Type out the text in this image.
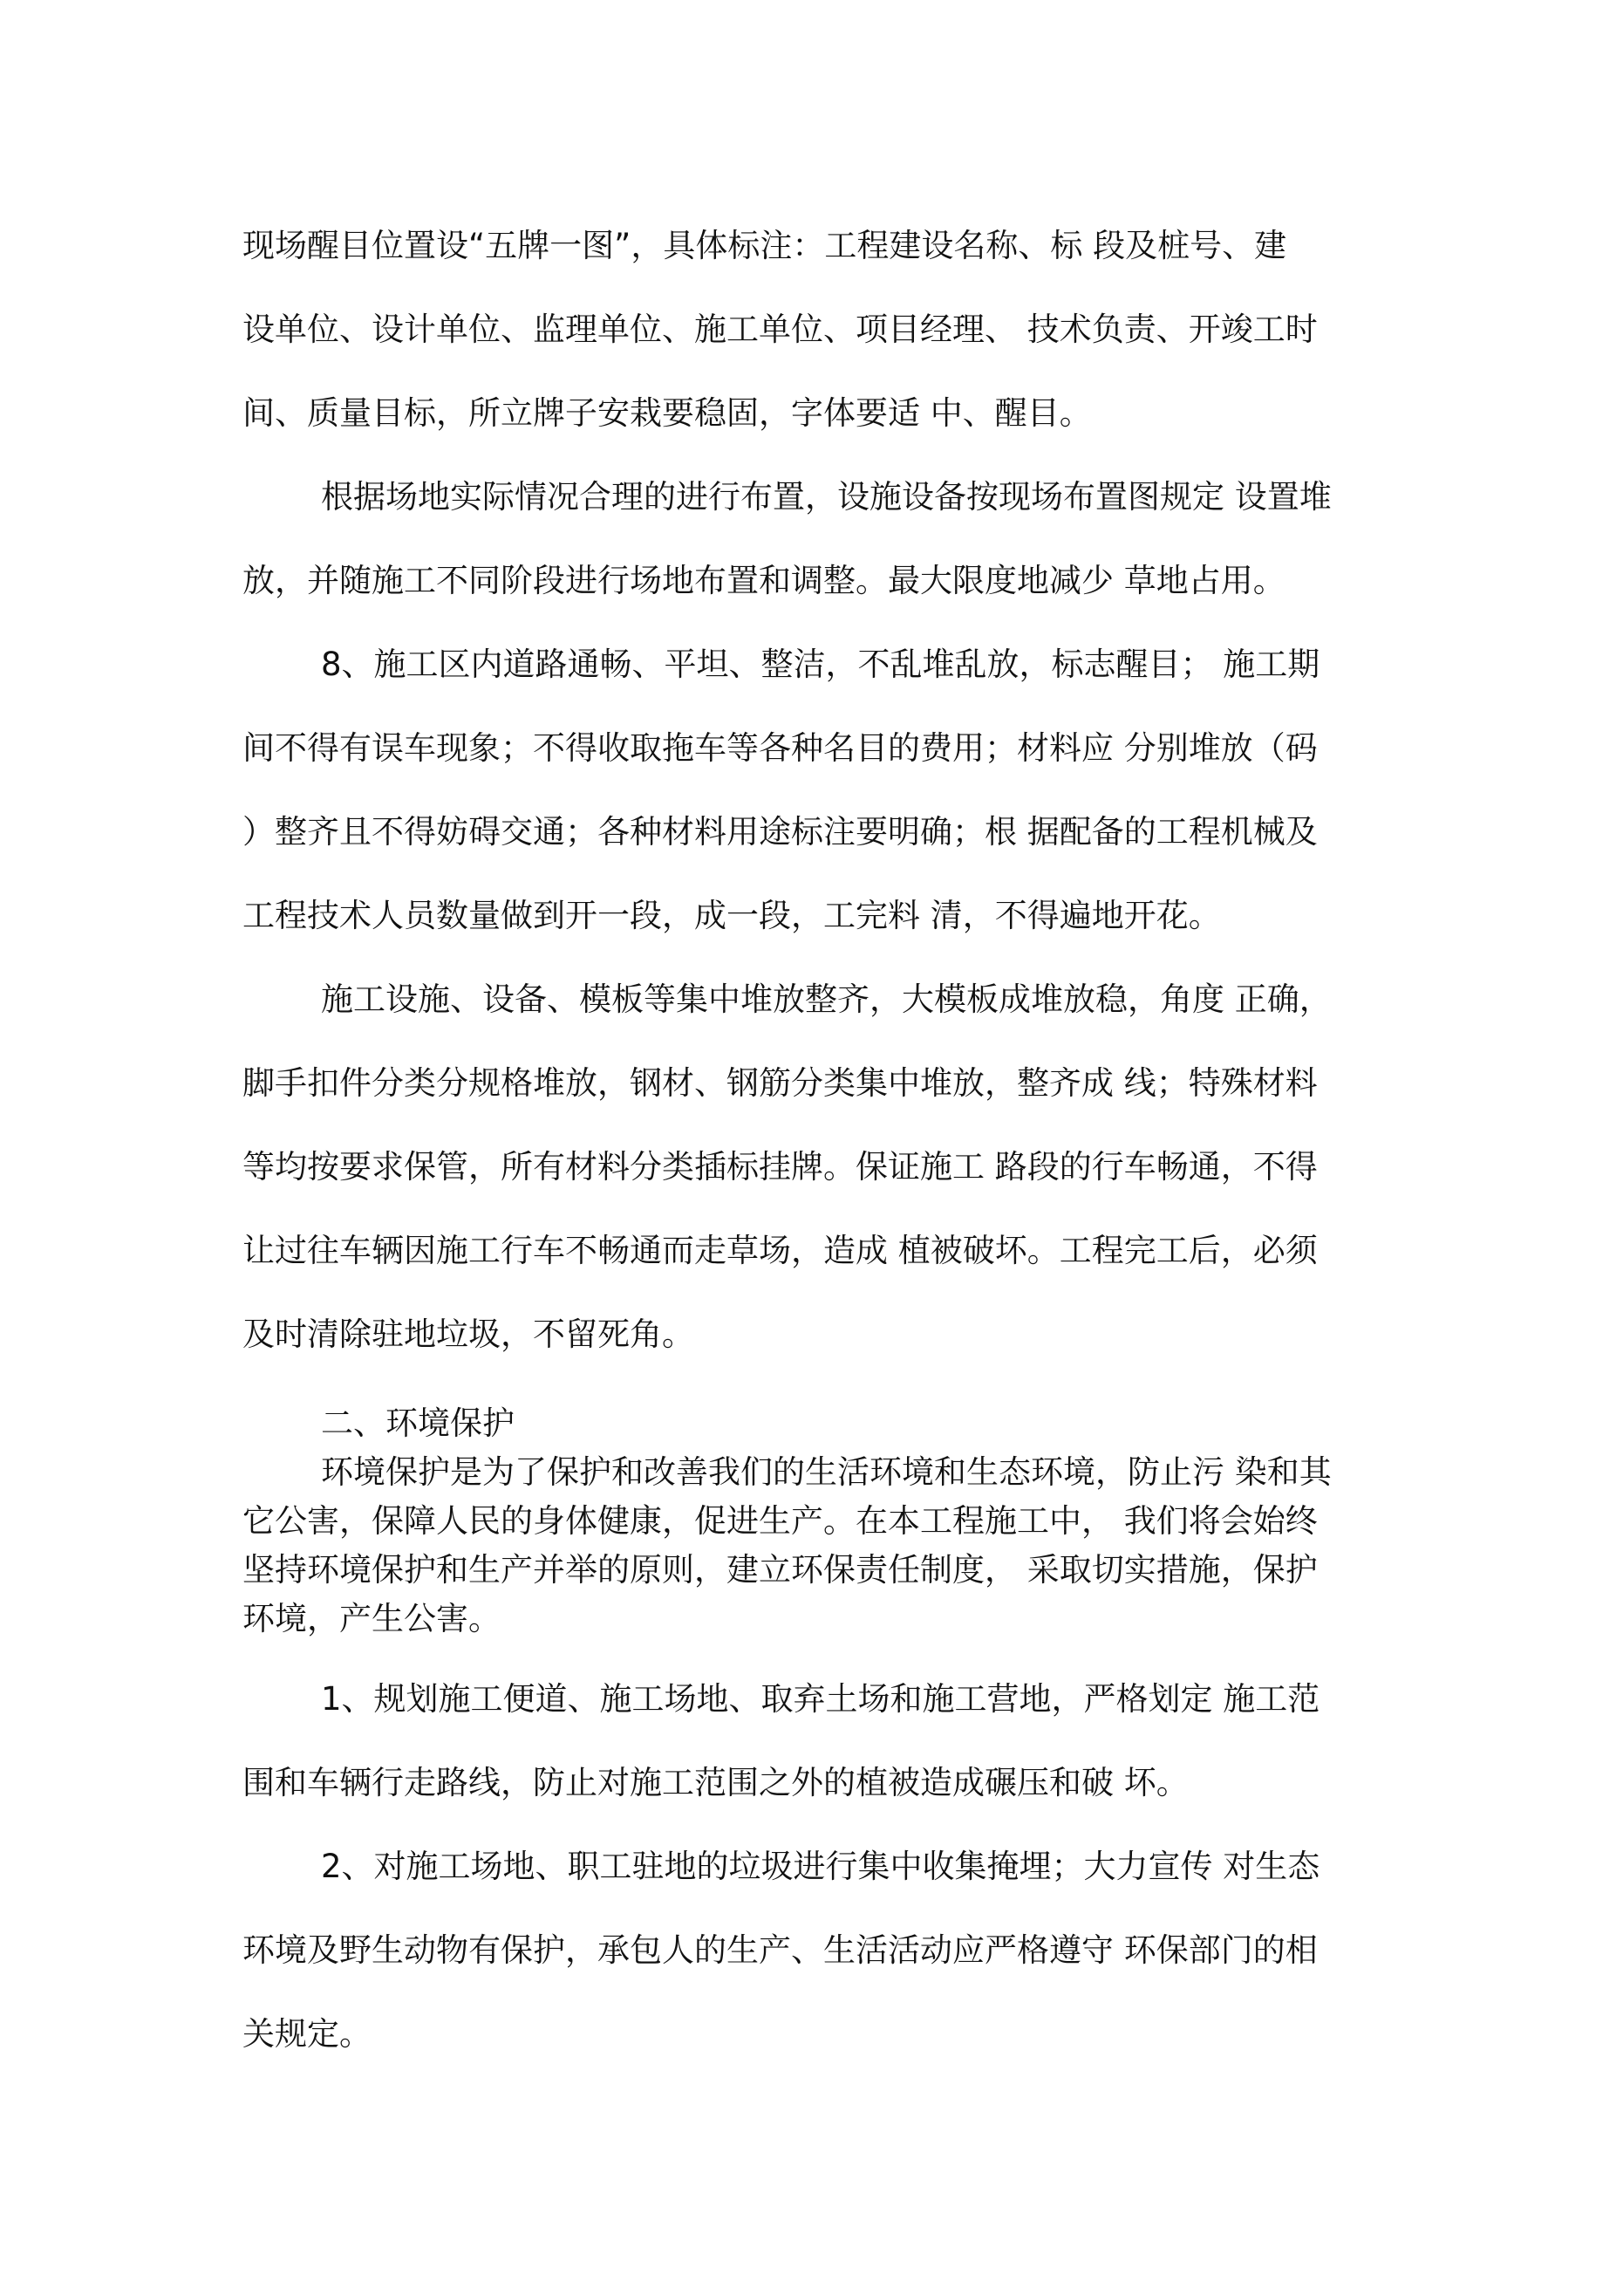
现场醒目位置设“五牌一图”，具体标注：工程建设名称、标 段及桩号、建
设单位、设计单位、监理单位、施工单位、项目经理、 技术负责、开竣工时
间、质量目标，所立牌子安栽要稳固，字体要适 中、醒目。
根据场地实际情况合理的进行布置，设施设备按现场布置图规定 设置堆
放，并随施工不同阶段进行场地布置和调整。最大限度地减少 草地占用。
8、施工区内道路通畅、平坦、整洁，不乱堆乱放，标志醒目； 施工期
间不得有误车现象；不得收取拖车等各种名目的费用；材料应 分别堆放（码
）整齐且不得妨碍交通；各种材料用途标注要明确；根 据配备的工程机械及
工程技术人员数量做到开一段，成一段，工完料 清，不得遍地开花。
施工设施、设备、模板等集中堆放整齐，大模板成堆放稳，角度 正确，
脚手扣件分类分规格堆放，钢材、钢筋分类集中堆放，整齐成 线；特殊材料
等均按要求保管，所有材料分类插标挂牌。保证施工 路段的行车畅通，不得
让过往车辆因施工行车不畅通而走草场，造成 植被破坏。工程完工后，必须
及时清除驻地垃圾，不留死角。
二、环境保护
环境保护是为了保护和改善我们的生活环境和生态环境，防止污 染和其
它公害，保障人民的身体健康，促进生产。在本工程施工中， 我们将会始终
坚持环境保护和生产并举的原则，建立环保责任制度， 采取切实措施，保护
环境，产生公害。
1、规划施工便道、施工场地、取弃土场和施工营地，严格划定 施工范
围和车辆行走路线，防止对施工范围之外的植被造成碾压和破 坏。
2、对施工场地、职工驻地的垃圾进行集中收集掩埋；大力宣传 对生态
环境及野生动物有保护，承包人的生产、生活活动应严格遵守 环保部门的相
关规定。
